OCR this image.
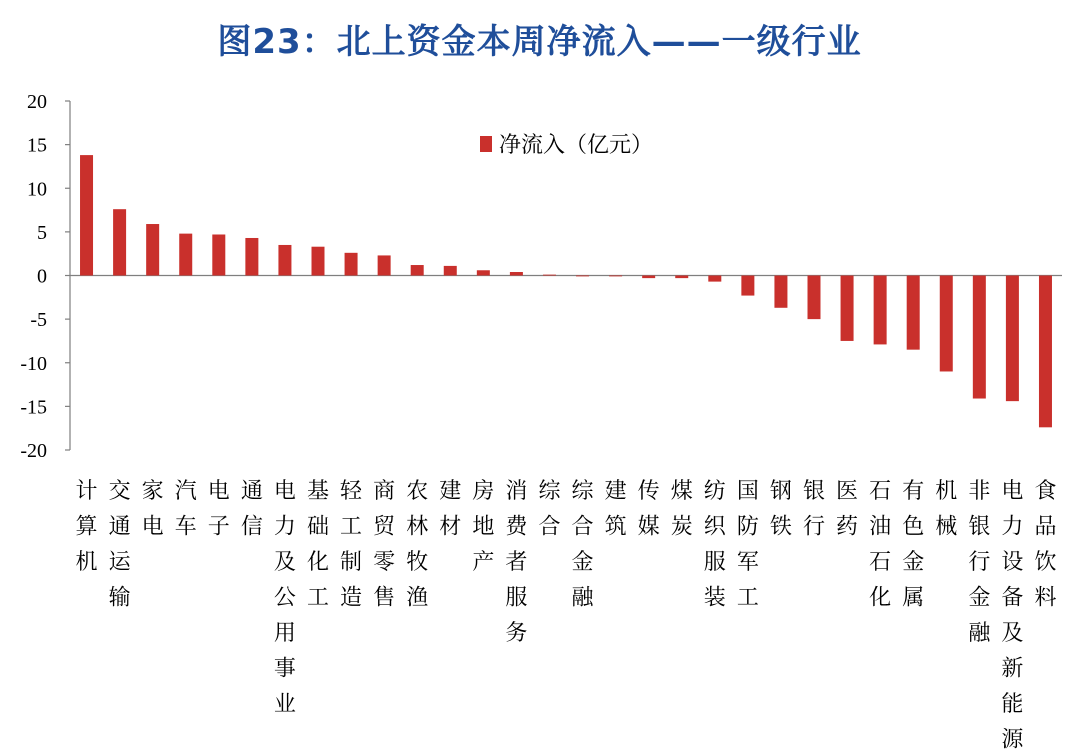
图23：北上资金本周净流入——一级行业
20
15
10
5
0
-5
-10
-15
-20
计算机
交通运输
家电
汽车
电子
通信
电力及公用事业
基础化工
轻工制造
商贸零售
农林牧渔
建材
房地产
消费者服务
综合
综合金融
建筑
传媒
煤炭
纺织服装
国防军工
钢铁
银行
医药
石油石化
有色金属
机械
非银行金融
电力设备及新能源
食品饮料
净流入（亿元）
